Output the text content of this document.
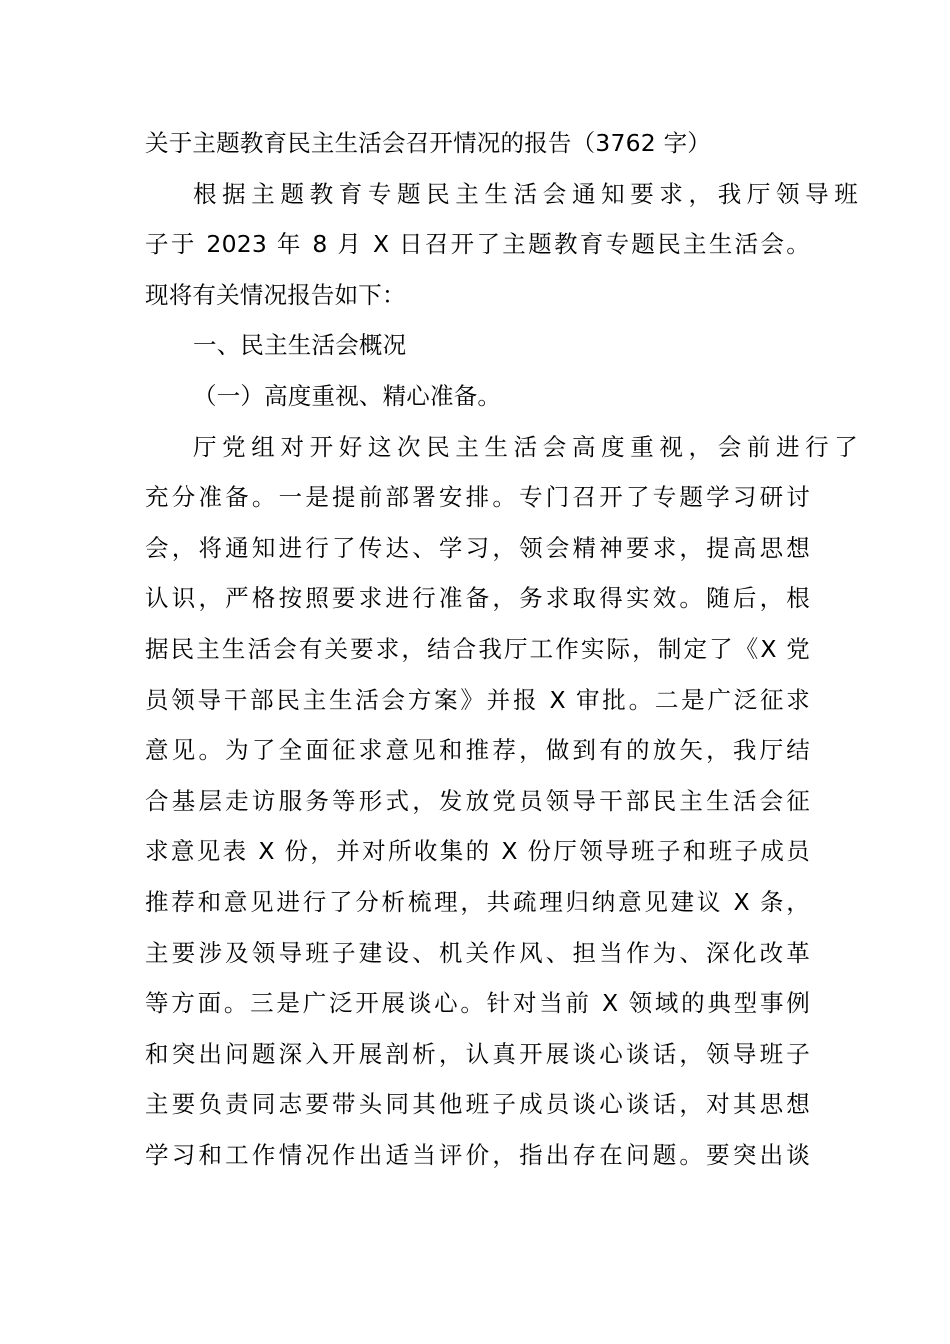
关于主题教育民主生活会召开情况的报告（3762 字）
根据主题教育专题民主生活会通知要求，我厅领导班
子于 2023 年 8 月 X 日召开了主题教育专题民主生活会。
现将有关情况报告如下：
一、民主生活会概况
（一）高度重视、精心准备。
厅党组对开好这次民主生活会高度重视，会前进行了
充分准备。一是提前部署安排。专门召开了专题学习研讨
会，将通知进行了传达、学习，领会精神要求，提高思想
认识，严格按照要求进行准备，务求取得实效。随后，根
据民主生活会有关要求，结合我厅工作实际，制定了《X 党
员领导干部民主生活会方案》并报 X 审批。二是广泛征求
意见。为了全面征求意见和推荐，做到有的放矢，我厅结
合基层走访服务等形式，发放党员领导干部民主生活会征
求意见表 X 份，并对所收集的 X 份厅领导班子和班子成员
推荐和意见进行了分析梳理，共疏理归纳意见建议 X 条，
主要涉及领导班子建设、机关作风、担当作为、深化改革
等方面。三是广泛开展谈心。针对当前 X 领域的典型事例
和突出问题深入开展剖析，认真开展谈心谈话，领导班子
主要负责同志要带头同其他班子成员谈心谈话，对其思想
学习和工作情况作出适当评价，指出存在问题。要突出谈
